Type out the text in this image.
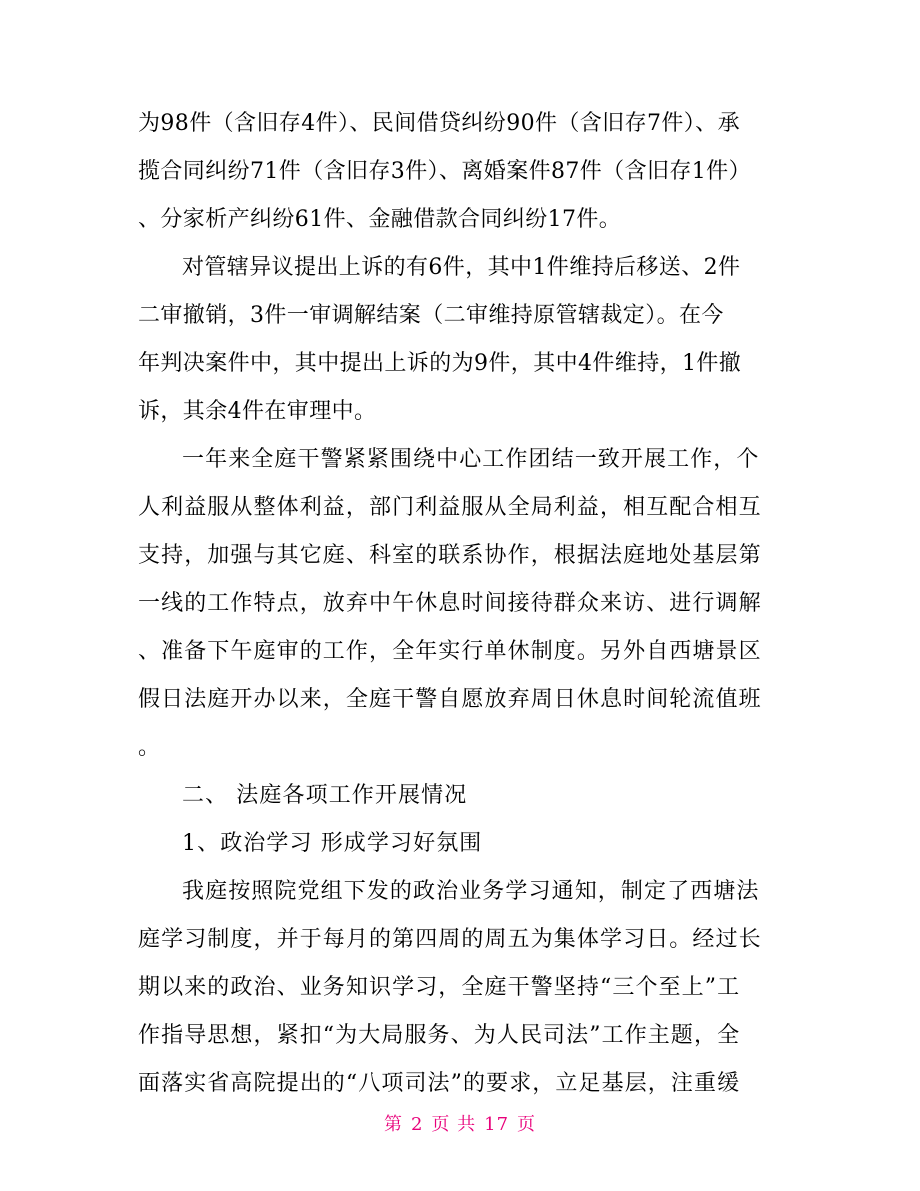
为98件（含旧存4件）、民间借贷纠纷90件（含旧存7件）、承
揽合同纠纷71件（含旧存3件）、离婚案件87件（含旧存1件）
、分家析产纠纷61件、金融借款合同纠纷17件。
对管辖异议提出上诉的有6件，其中1件维持后移送、2件
二审撤销，3件一审调解结案（二审维持原管辖裁定）。在今
年判决案件中，其中提出上诉的为9件，其中4件维持，1件撤
诉，其余4件在审理中。
一年来全庭干警紧紧围绕中心工作团结一致开展工作，个
人利益服从整体利益，部门利益服从全局利益，相互配合相互
支持，加强与其它庭、科室的联系协作，根据法庭地处基层第
一线的工作特点，放弃中午休息时间接待群众来访、进行调解
、准备下午庭审的工作，全年实行单休制度。另外自西塘景区
假日法庭开办以来，全庭干警自愿放弃周日休息时间轮流值班
。
二、 法庭各项工作开展情况
1、政治学习 形成学习好氛围
我庭按照院党组下发的政治业务学习通知，制定了西塘法
庭学习制度，并于每月的第四周的周五为集体学习日。经过长
期以来的政治、业务知识学习，全庭干警坚持“三个至上”工
作指导思想，紧扣“为大局服务、为人民司法”工作主题，全
面落实省高院提出的“八项司法”的要求，立足基层，注重缓
第 2 页 共 17 页
